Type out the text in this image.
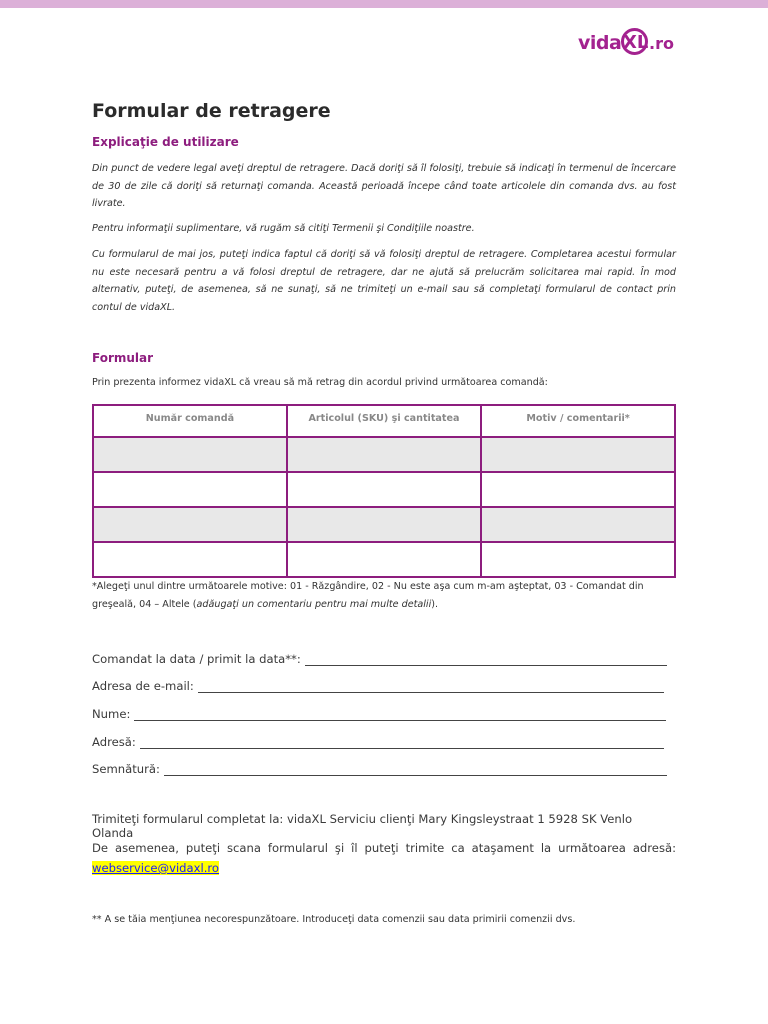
vida XL .ro
Formular de retragere
Explicaţie de utilizare

Din punct de vedere legal aveţi dreptul de retragere. Dacă doriţi să îl folosiţi, trebuie să indicaţi în termenul de încercare de 30 de zile că doriţi să returnaţi comanda. Această perioadă începe când toate articolele din comanda dvs. au fost livrate.

Pentru informaţii suplimentare, vă rugăm să citiţi Termenii şi Condiţiile noastre.

Cu formularul de mai jos, puteţi indica faptul că doriţi să vă folosiţi dreptul de retragere. Completarea acestui formular nu este necesară pentru a vă folosi dreptul de retragere, dar ne ajută să prelucrăm solicitarea mai rapid. În mod alternativ, puteţi, de asemenea, să ne sunaţi, să ne trimiteţi un e-mail sau să completaţi formularul de contact prin contul de vidaXL.

Formular

Prin prezenta informez vidaXL că vreau să mă retrag din acordul privind următoarea comandă:

Număr comandă	Articolul (SKU) şi cantitatea	Motiv / comentarii*

*Alegeţi unul dintre următoarele motive: 01 - Răzgândire, 02 - Nu este aşa cum m-am aşteptat, 03 - Comandat din greşeală, 04 – Altele (adăugaţi un comentariu pentru mai multe detalii).

Comandat la data / primit la data**:
Adresa de e-mail:
Nume:
Adresă:
Semnătură:

Trimiteţi formularul completat la: vidaXL Serviciu clienţi Mary Kingsleystraat 1 5928 SK Venlo Olanda

De asemenea, puteţi scana formularul şi îl puteţi trimite ca ataşament la următoarea adresă: webservice@vidaxl.ro

** A se tăia menţiunea necorespunzătoare. Introduceţi data comenzii sau data primirii comenzii dvs.
